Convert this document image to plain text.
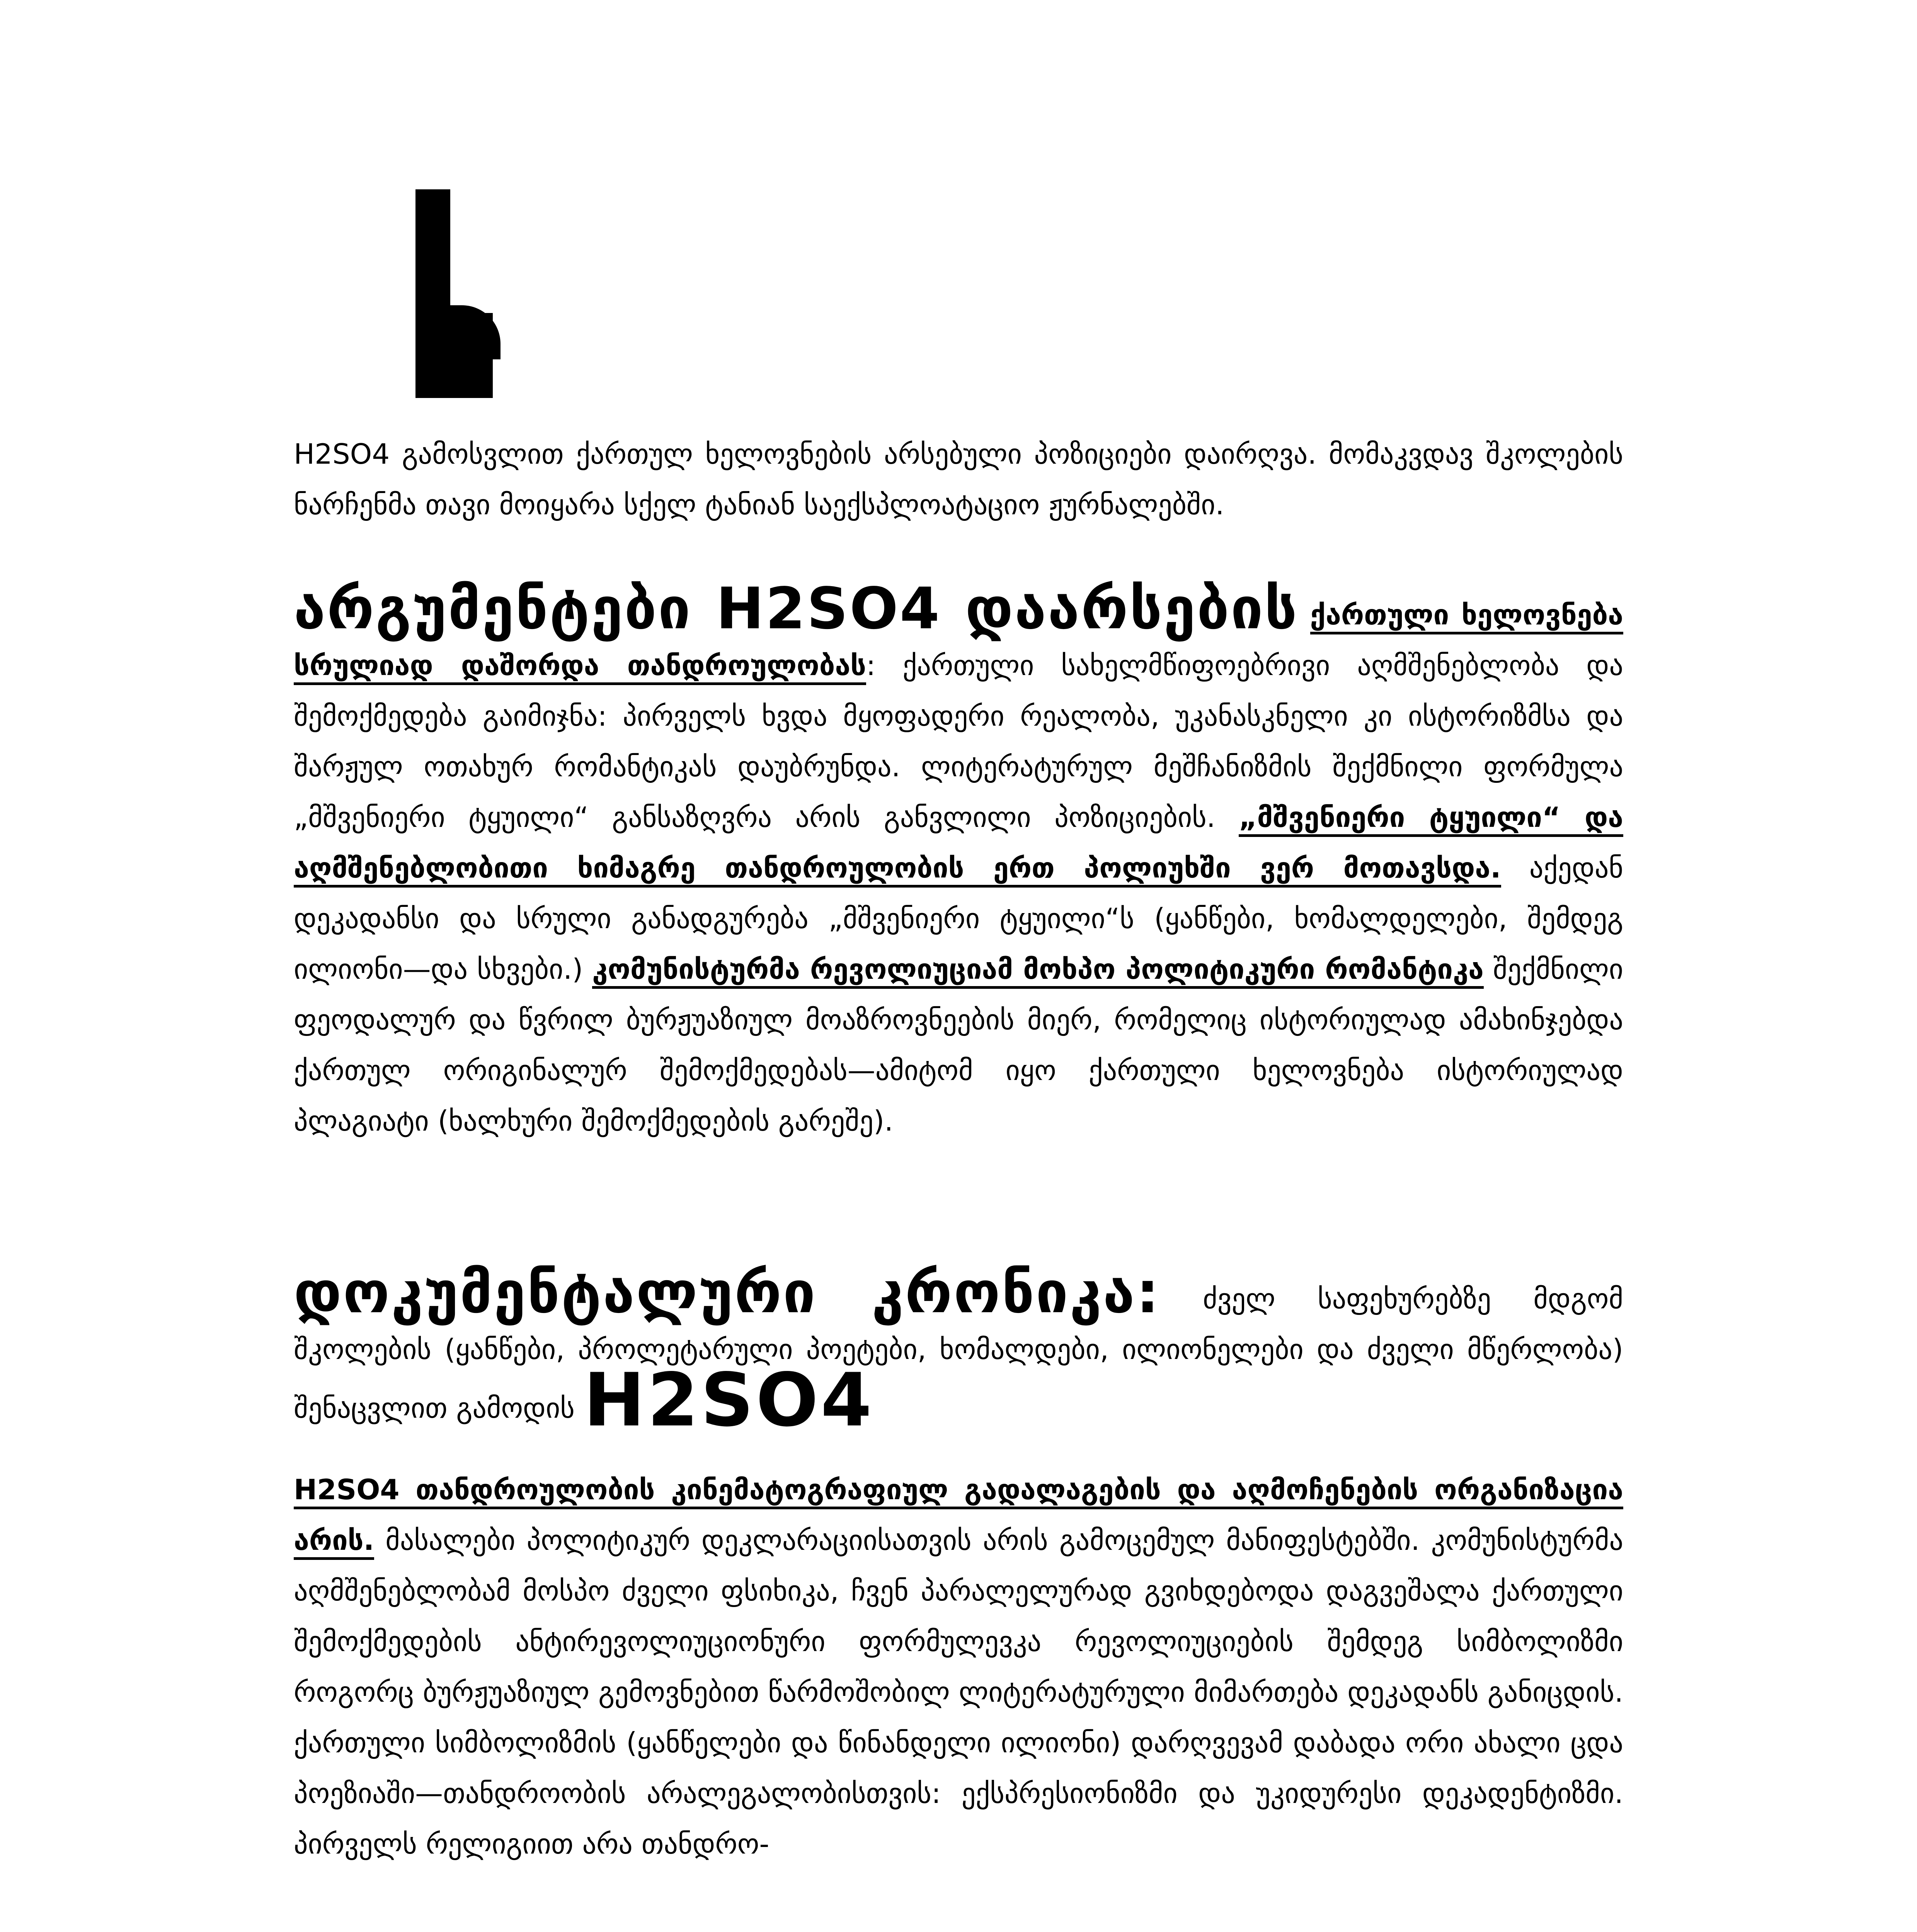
H2SO4 გამოსვლით ქართულ ხელოვნების არსებული პოზიციები დაირღვა. მომაკვდავ შკოლების ნარჩენმა თავი მოიყარა სქელ ტანიან საექსპლოატაციო ჟურნალებში.

არგუმენტები H2SO4 დაარსების ქართული ხელოვნება სრულიად დაშორდა თანდროულობას: ქართული სახელმწიფოებრივი აღმშენებლობა და შემოქმედება გაიმიჯნა: პირველს ხვდა მყოფადერი რეალობა, უკანასკნელი კი ისტორიზმსა და შარჟულ ოთახურ რომანტიკას დაუბრუნდა. ლიტერატურულ მეშჩანიზმის შექმნილი ფორმულა „მშვენიერი ტყუილი“ განსაზღვრა არის განვლილი პოზიციების. „მშვენიერი ტყუილი“ და აღმშენებლობითი ხიმაგრე თანდროულობის ერთ პოლიუხში ვერ მოთავსდა. აქედან დეკადანსი და სრული განადგურება „მშვენიერი ტყუილი“ს (ყანწები, ხომალდელები, შემდეგ ილიონი—და სხვები.) კომუნისტურმა რევოლიუციამ მოხპო პოლიტიკური რომანტიკა შექმნილი ფეოდალურ და წვრილ ბურჟუაზიულ მოაზროვნეების მიერ, რომელიც ისტორიულად ამახინჯებდა ქართულ ორიგინალურ შემოქმედებას—ამიტომ იყო ქართული ხელოვნება ისტორიულად პლაგიატი (ხალხური შემოქმედების გარეშე).

დოკუმენტალური კრონიკა: ძველ საფეხურებზე მდგომ შკოლების (ყანწები, პროლეტარული პოეტები, ხომალდები, ილიონელები და ძველი მწერლობა) შენაცვლით გამოდის H2SO4

H2SO4 თანდროულობის კინემატოგრაფიულ გადალაგების და აღმოჩენების ორგანიზაცია არის. მასალები პოლიტიკურ დეკლარაციისათვის არის გამოცემულ მანიფესტებში. კომუნისტურმა აღმშენებლობამ მოსპო ძველი ფსიხიკა, ჩვენ პარალელურად გვიხდებოდა დაგვეშალა ქართული შემოქმედების ანტირევოლიუციონური ფორმულევკა რევოლიუციების შემდეგ სიმბოლიზმი როგორც ბურჟუაზიულ გემოვნებით წარმოშობილ ლიტერატურული მიმართება დეკადანს განიცდის. ქართული სიმბოლიზმის (ყანწელები და წინანდელი ილიონი) დარღვევამ დაბადა ორი ახალი ცდა პოეზიაში—თანდროობის არალეგალობისთვის: ექსპრესიონიზმი და უკიდურესი დეკადენტიზმი. პირველს რელიგიით არა თანდრო-
